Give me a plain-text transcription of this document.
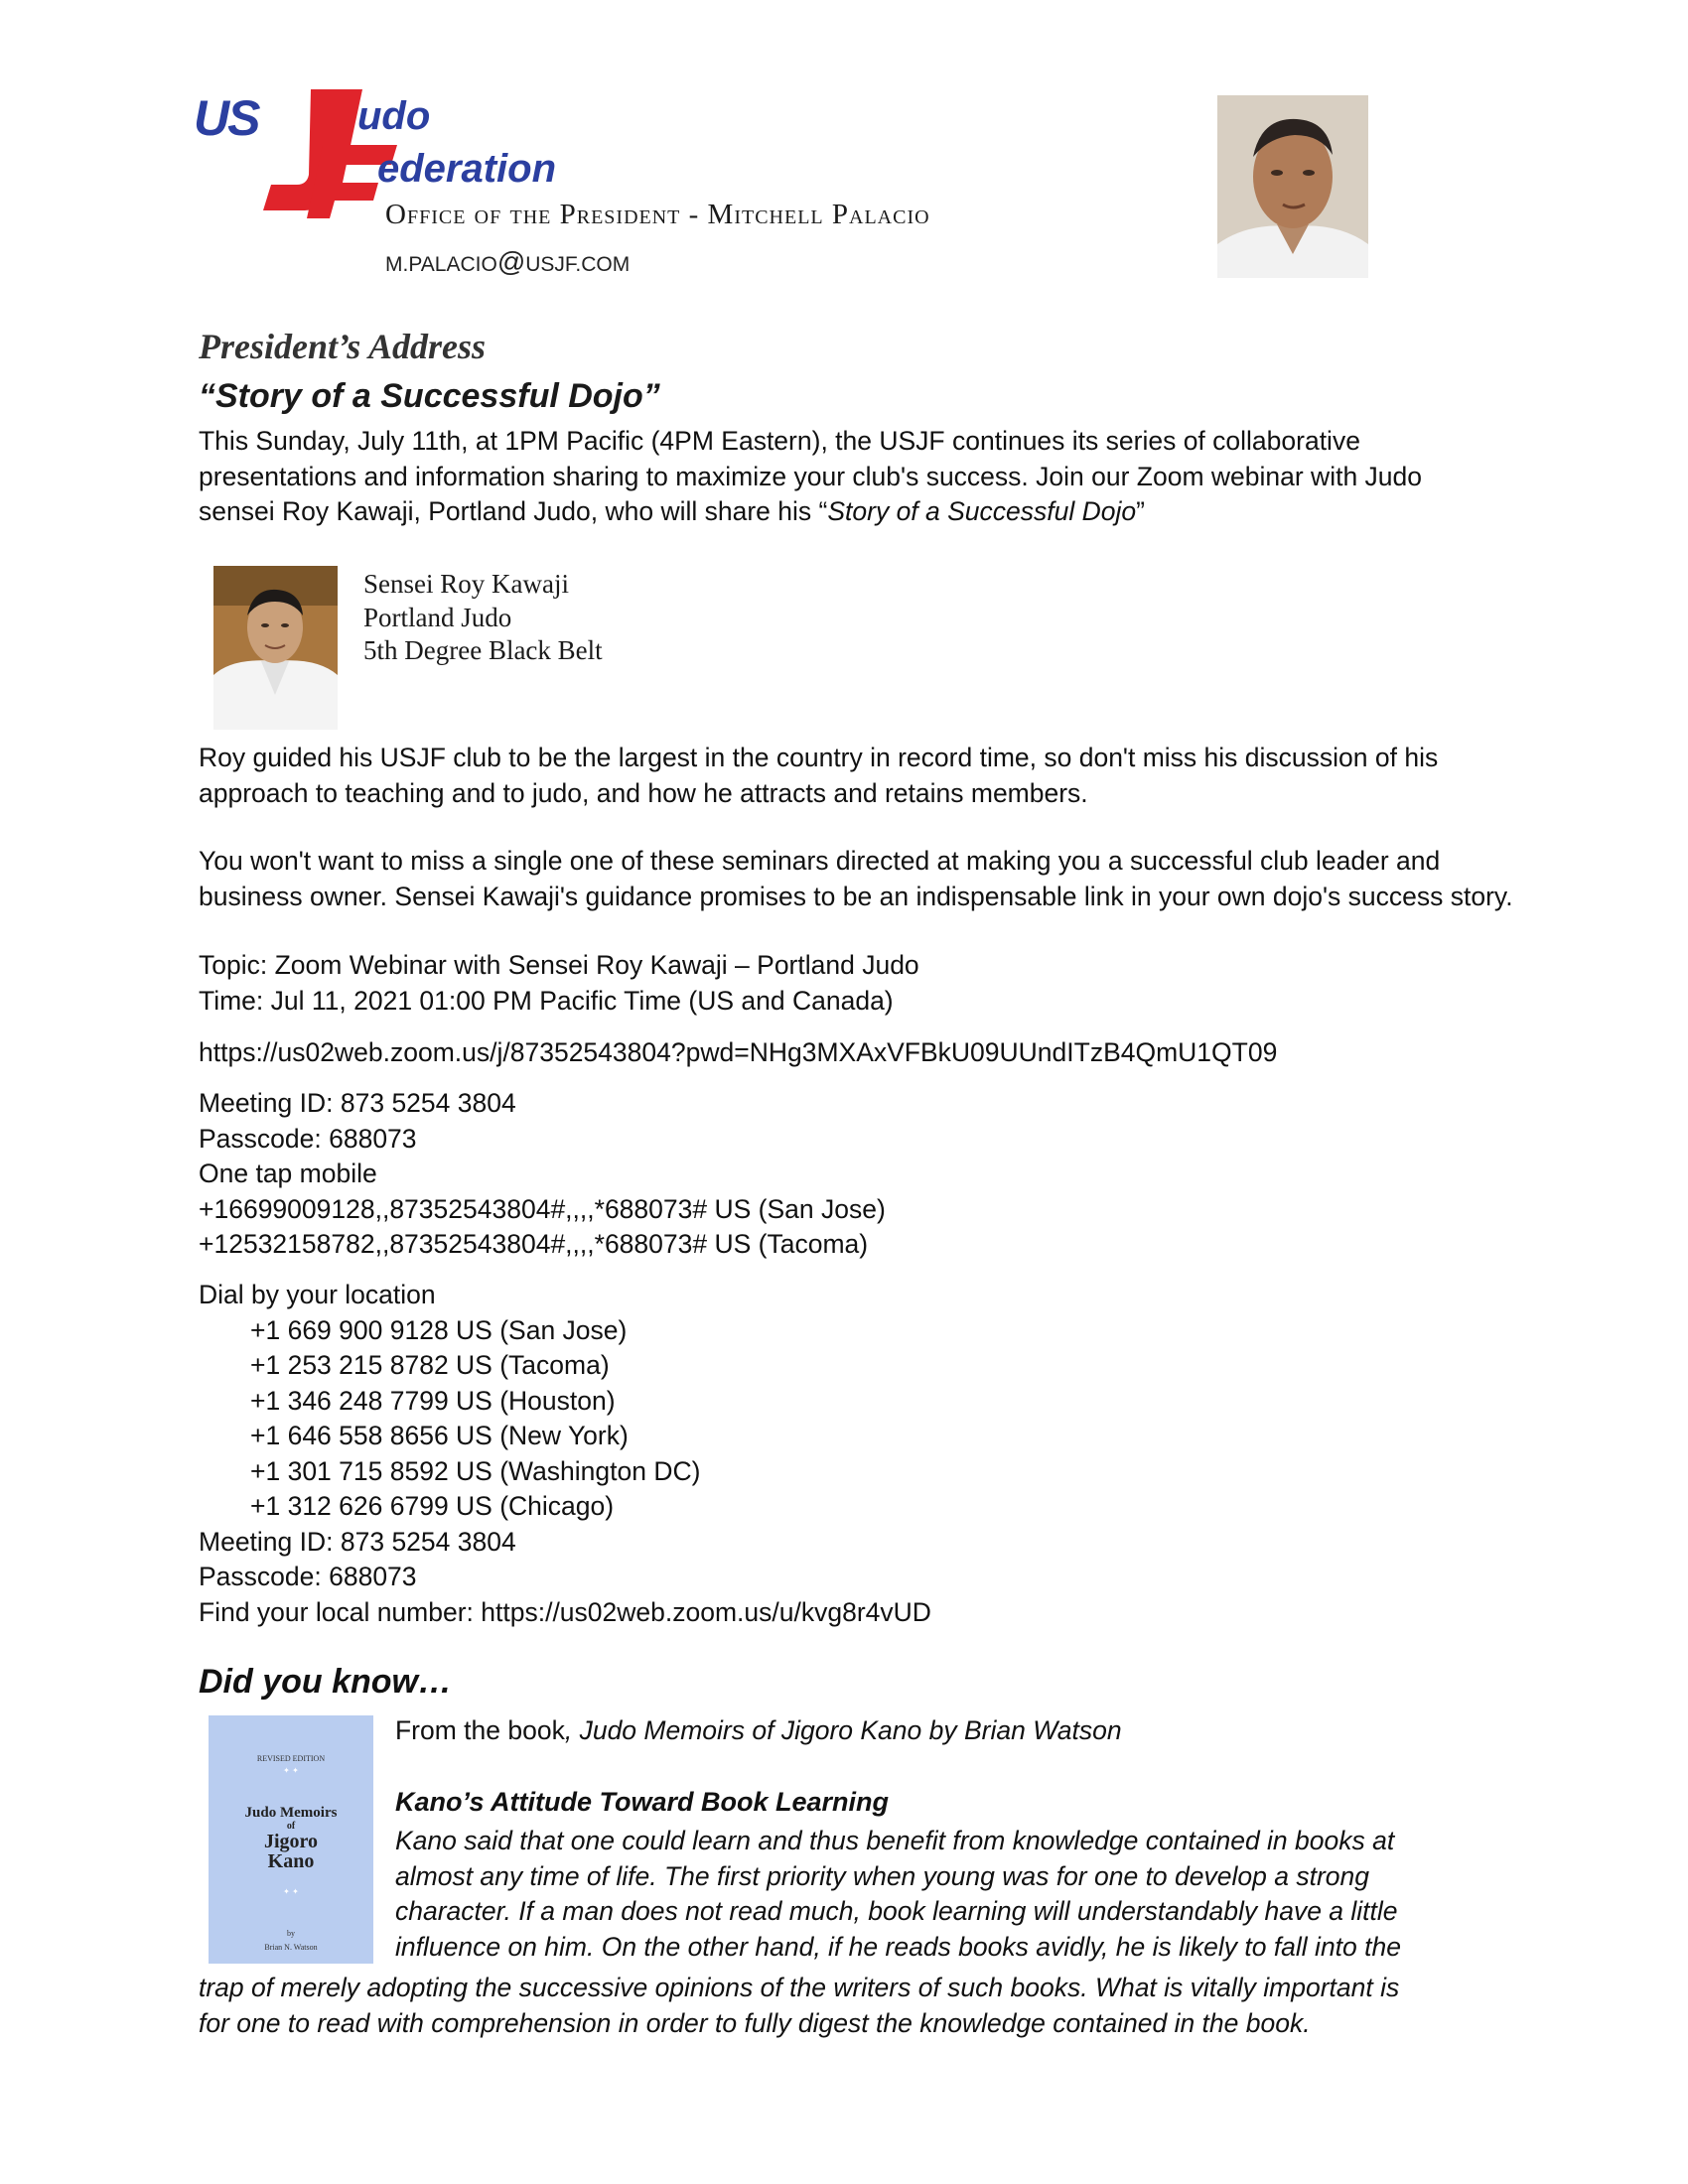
US udo
ederation
Office of the President - Mitchell Palacio
M.PALACIO@USJF.COM
President’s Address
“Story of a Successful Dojo”
This Sunday, July 11th, at 1PM Pacific (4PM Eastern), the USJF continues its series of collaborative
presentations and information sharing to maximize your club's success. Join our Zoom webinar with Judo
sensei Roy Kawaji, Portland Judo, who will share his “Story of a Successful Dojo”
Sensei Roy Kawaji
Portland Judo
5th Degree Black Belt
Roy guided his USJF club to be the largest in the country in record time, so don't miss his discussion of his
approach to teaching and to judo, and how he attracts and retains members.
You won't want to miss a single one of these seminars directed at making you a successful club leader and
business owner. Sensei Kawaji's guidance promises to be an indispensable link in your own dojo's success story.
Topic: Zoom Webinar with Sensei Roy Kawaji – Portland Judo
Time: Jul 11, 2021 01:00 PM Pacific Time (US and Canada)
https://us02web.zoom.us/j/87352543804?pwd=NHg3MXAxVFBkU09UUndITzB4QmU1QT09
Meeting ID: 873 5254 3804
Passcode: 688073
One tap mobile
+16699009128,,87352543804#,,,,*688073# US (San Jose)
+12532158782,,87352543804#,,,,*688073# US (Tacoma)
Dial by your location
+1 669 900 9128 US (San Jose)
+1 253 215 8782 US (Tacoma)
+1 346 248 7799 US (Houston)
+1 646 558 8656 US (New York)
+1 301 715 8592 US (Washington DC)
+1 312 626 6799 US (Chicago)
Meeting ID: 873 5254 3804
Passcode: 688073
Find your local number: https://us02web.zoom.us/u/kvg8r4vUD
Did you know…
REVISED EDITION
✦ ✦
Judo Memoirs
of
Jigoro
Kano
✦ ✦
by
Brian N. Watson
From the book, Judo Memoirs of Jigoro Kano by Brian Watson
Kano’s Attitude Toward Book Learning
Kano said that one could learn and thus benefit from knowledge contained in books at
almost any time of life. The first priority when young was for one to develop a strong
character. If a man does not read much, book learning will understandably have a little
influence on him. On the other hand, if he reads books avidly, he is likely to fall into the
trap of merely adopting the successive opinions of the writers of such books. What is vitally important is
for one to read with comprehension in order to fully digest the knowledge contained in the book.
